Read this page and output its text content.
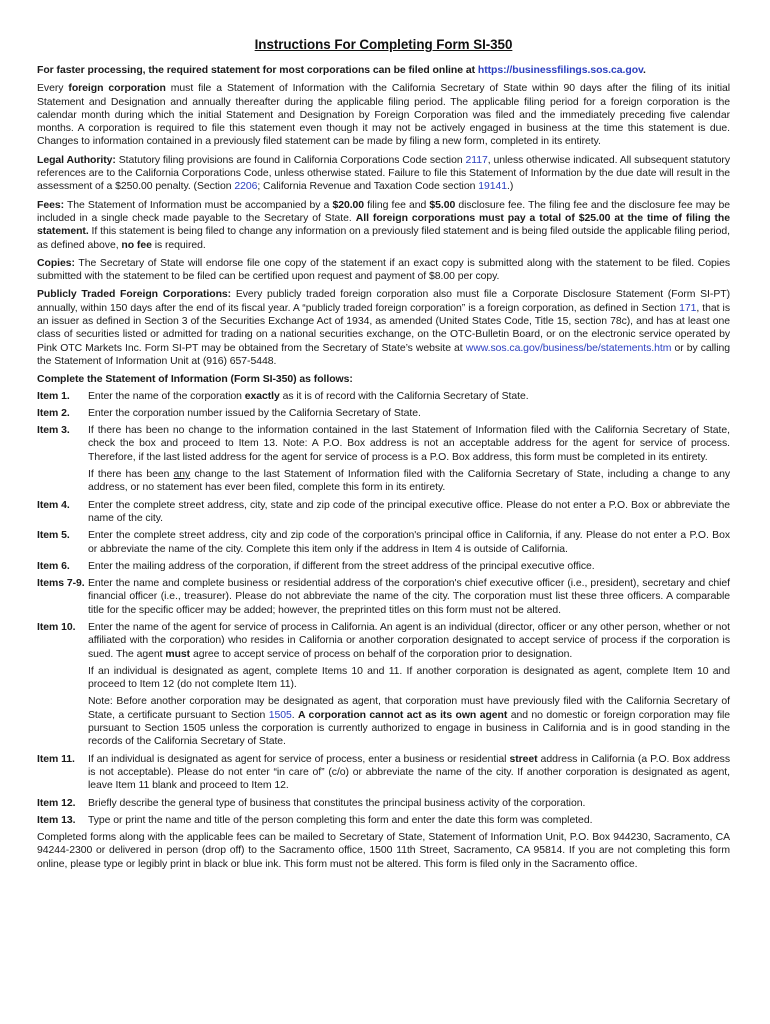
Instructions For Completing Form SI-350

For faster processing, the required statement for most corporations can be filed online at https://businessfilings.sos.ca.gov.

Every foreign corporation must file a Statement of Information with the California Secretary of State within 90 days after the filing of its initial Statement and Designation and annually thereafter during the applicable filing period. The applicable filing period for a foreign corporation is the calendar month during which the initial Statement and Designation by Foreign Corporation was filed and the immediately preceding five calendar months. A corporation is required to file this statement even though it may not be actively engaged in business at the time this statement is due. Changes to information contained in a previously filed statement can be made by filing a new form, completed in its entirety.

Legal Authority: Statutory filing provisions are found in California Corporations Code section 2117, unless otherwise indicated. All subsequent statutory references are to the California Corporations Code, unless otherwise stated. Failure to file this Statement of Information by the due date will result in the assessment of a $250.00 penalty. (Section 2206; California Revenue and Taxation Code section 19141.)

Fees: The Statement of Information must be accompanied by a $20.00 filing fee and $5.00 disclosure fee. The filing fee and the disclosure fee may be included in a single check made payable to the Secretary of State. All foreign corporations must pay a total of $25.00 at the time of filing the statement. If this statement is being filed to change any information on a previously filed statement and is being filed outside the applicable filing period, as defined above, no fee is required.

Copies: The Secretary of State will endorse file one copy of the statement if an exact copy is submitted along with the statement to be filed. Copies submitted with the statement to be filed can be certified upon request and payment of $8.00 per copy.

Publicly Traded Foreign Corporations: Every publicly traded foreign corporation also must file a Corporate Disclosure Statement (Form SI-PT) annually, within 150 days after the end of its fiscal year. A “publicly traded foreign corporation” is a foreign corporation, as defined in Section 171, that is an issuer as defined in Section 3 of the Securities Exchange Act of 1934, as amended (United States Code, Title 15, section 78c), and has at least one class of securities listed or admitted for trading on a national securities exchange, on the OTC-Bulletin Board, or on the electronic service operated by Pink OTC Markets Inc. Form SI-PT may be obtained from the Secretary of State’s website at www.sos.ca.gov/business/be/statements.htm or by calling the Statement of Information Unit at (916) 657-5448.

Complete the Statement of Information (Form SI-350) as follows:

Item 1.	Enter the name of the corporation exactly as it is of record with the California Secretary of State.
Item 2.	Enter the corporation number issued by the California Secretary of State.
Item 3.	If there has been no change to the information contained in the last Statement of Information filed with the California Secretary of State, check the box and proceed to Item 13. Note: A P.O. Box address is not an acceptable address for the agent for service of process. Therefore, if the last listed address for the agent for service of process is a P.O. Box address, this form must be completed in its entirety.

If there has been any change to the last Statement of Information filed with the California Secretary of State, including a change to any address, or no statement has ever been filed, complete this form in its entirety.

Item 4.	Enter the complete street address, city, state and zip code of the principal executive office. Please do not enter a P.O. Box or abbreviate the name of the city.
Item 5.	Enter the complete street address, city and zip code of the corporation's principal office in California, if any. Please do not enter a P.O. Box or abbreviate the name of the city. Complete this item only if the address in Item 4 is outside of California.
Item 6.	Enter the mailing address of the corporation, if different from the street address of the principal executive office.
Items 7-9. Enter the name and complete business or residential address of the corporation's chief executive officer (i.e., president), secretary and chief financial officer (i.e., treasurer). Please do not abbreviate the name of the city. The corporation must list these three officers. A comparable title for the specific officer may be added; however, the preprinted titles on this form must not be altered.
Item 10.	Enter the name of the agent for service of process in California. An agent is an individual (director, officer or any other person, whether or not affiliated with the corporation) who resides in California or another corporation designated to accept service of process if the corporation is sued. The agent must agree to accept service of process on behalf of the corporation prior to designation.

If an individual is designated as agent, complete Items 10 and 11. If another corporation is designated as agent, complete Item 10 and proceed to Item 12 (do not complete Item 11).

Note: Before another corporation may be designated as agent, that corporation must have previously filed with the California Secretary of State, a certificate pursuant to Section 1505. A corporation cannot act as its own agent and no domestic or foreign corporation may file pursuant to Section 1505 unless the corporation is currently authorized to engage in business in California and is in good standing in the records of the California Secretary of State.

Item 11.	If an individual is designated as agent for service of process, enter a business or residential street address in California (a P.O. Box address is not acceptable). Please do not enter “in care of” (c/o) or abbreviate the name of the city. If another corporation is designated as agent, leave Item 11 blank and proceed to Item 12.
Item 12.	Briefly describe the general type of business that constitutes the principal business activity of the corporation.
Item 13.	Type or print the name and title of the person completing this form and enter the date this form was completed.

Completed forms along with the applicable fees can be mailed to Secretary of State, Statement of Information Unit, P.O. Box 944230, Sacramento, CA 94244-2300 or delivered in person (drop off) to the Sacramento office, 1500 11th Street, Sacramento, CA 95814. If you are not completing this form online, please type or legibly print in black or blue ink. This form must not be altered. This form is filed only in the Sacramento office.
